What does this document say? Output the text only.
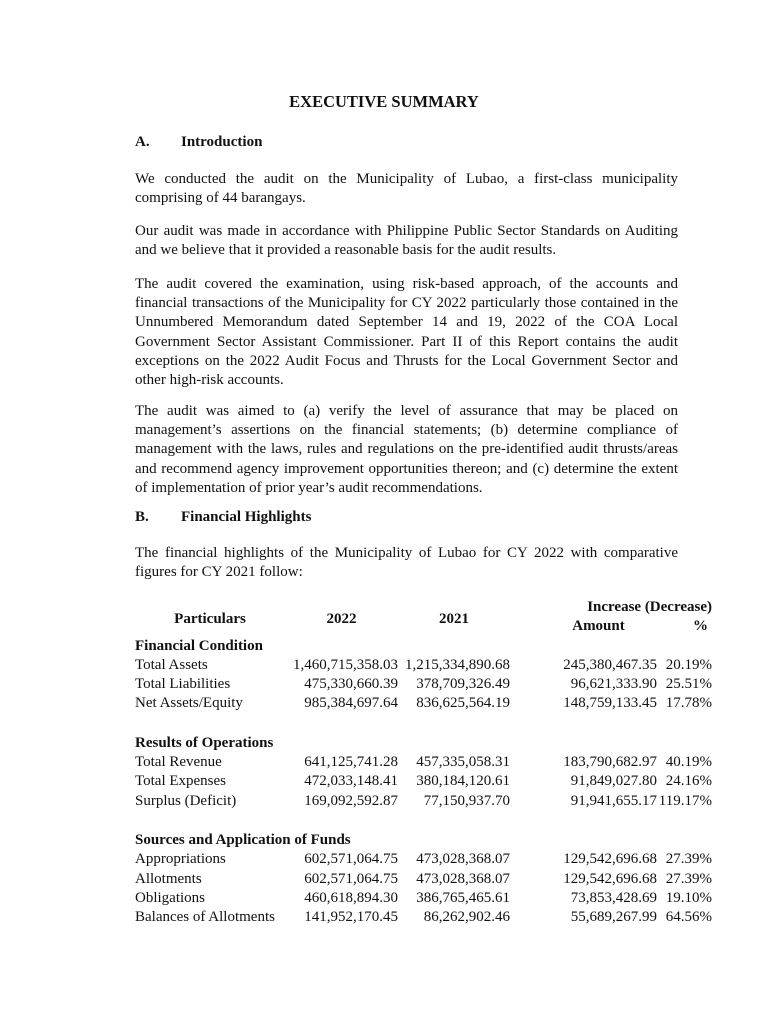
EXECUTIVE SUMMARY
A. Introduction
We conducted the audit on the Municipality of Lubao, a first-class municipality comprising of 44 barangays.
Our audit was made in accordance with Philippine Public Sector Standards on Auditing and we believe that it provided a reasonable basis for the audit results.
The audit covered the examination, using risk-based approach, of the accounts and financial transactions of the Municipality for CY 2022 particularly those contained in the Unnumbered Memorandum dated September 14 and 19, 2022 of the COA Local Government Sector Assistant Commissioner. Part II of this Report contains the audit exceptions on the 2022 Audit Focus and Thrusts for the Local Government Sector and other high-risk accounts.
The audit was aimed to (a) verify the level of assurance that may be placed on management’s assertions on the financial statements; (b) determine compliance of management with the laws, rules and regulations on the pre-identified audit thrusts/areas and recommend agency improvement opportunities thereon; and (c) determine the extent of implementation of prior year’s audit recommendations.
B. Financial Highlights
The financial highlights of the Municipality of Lubao for CY 2022 with comparative figures for CY 2021 follow:
Particulars	2022	2021	Increase (Decrease)	
			Amount	%
Financial Condition				
Total Assets	1,460,715,358.03	1,215,334,890.68	245,380,467.35	20.19%
Total Liabilities	475,330,660.39	378,709,326.49	96,621,333.90	25.51%
Net Assets/Equity	985,384,697.64	836,625,564.19	148,759,133.45	17.78%

Results of Operations				
Total Revenue	641,125,741.28	457,335,058.31	183,790,682.97	40.19%
Total Expenses	472,033,148.41	380,184,120.61	91,849,027.80	24.16%
Surplus (Deficit)	169,092,592.87	77,150,937.70	91,941,655.17	119.17%

Sources and Application of Funds				
Appropriations	602,571,064.75	473,028,368.07	129,542,696.68	27.39%
Allotments	602,571,064.75	473,028,368.07	129,542,696.68	27.39%
Obligations	460,618,894.30	386,765,465.61	73,853,428.69	19.10%
Balances of Allotments	141,952,170.45	86,262,902.46	55,689,267.99	64.56%
